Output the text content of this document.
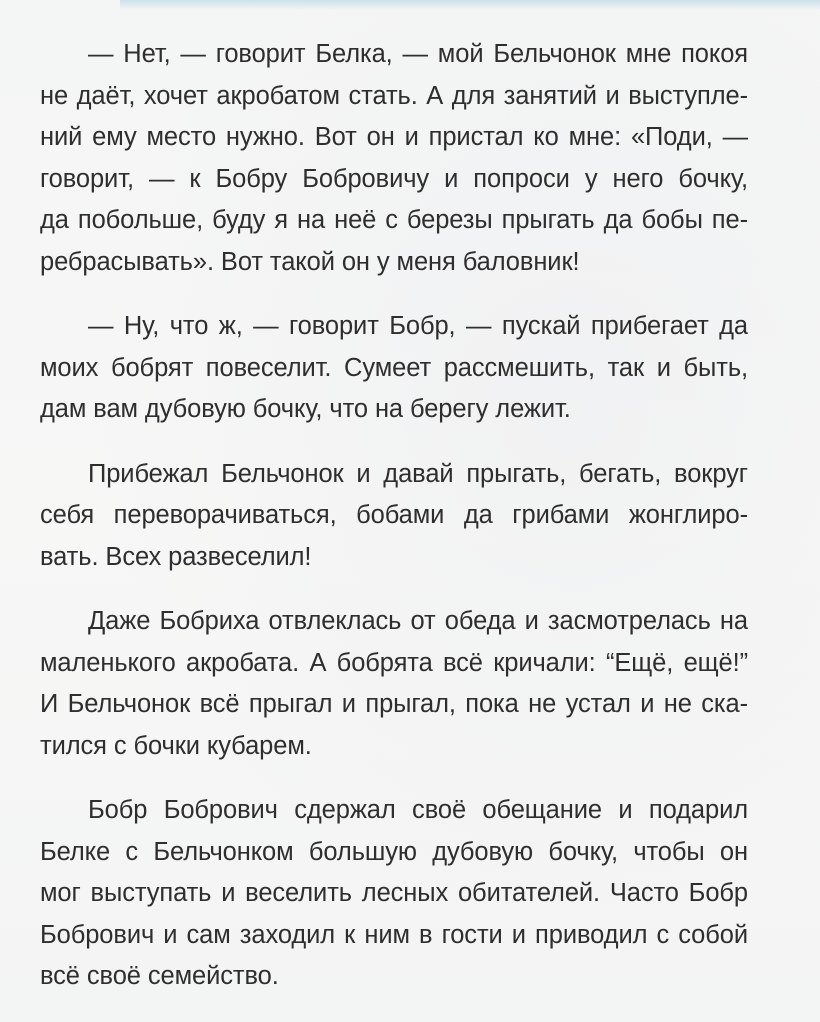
— Нет, — говорит Белка, — мой Бельчонок мне покоя
не даёт, хочет акробатом стать. А для занятий и выступле-
ний ему место нужно. Вот он и пристал ко мне: «Поди, —
говорит, — к Бобру Бобровичу и попроси у него бочку,
да побольше, буду я на неё с березы прыгать да бобы пе-
ребрасывать». Вот такой он у меня баловник!
— Ну, что ж, — говорит Бобр, — пускай прибегает да
моих бобрят повеселит. Сумеет рассмешить, так и быть,
дам вам дубовую бочку, что на берегу лежит.
Прибежал Бельчонок и давай прыгать, бегать, вокруг
себя переворачиваться, бобами да грибами жонглиро-
вать. Всех развеселил!
Даже Бобриха отвлеклась от обеда и засмотрелась на
маленького акробата. А бобрята всё кричали: “Ещё, ещё!”
И Бельчонок всё прыгал и прыгал, пока не устал и не ска-
тился с бочки кубарем.
Бобр Бобрович сдержал своё обещание и подарил
Белке с Бельчонком большую дубовую бочку, чтобы он
мог выступать и веселить лесных обитателей. Часто Бобр
Бобрович и сам заходил к ним в гости и приводил с собой
всё своё семейство.
